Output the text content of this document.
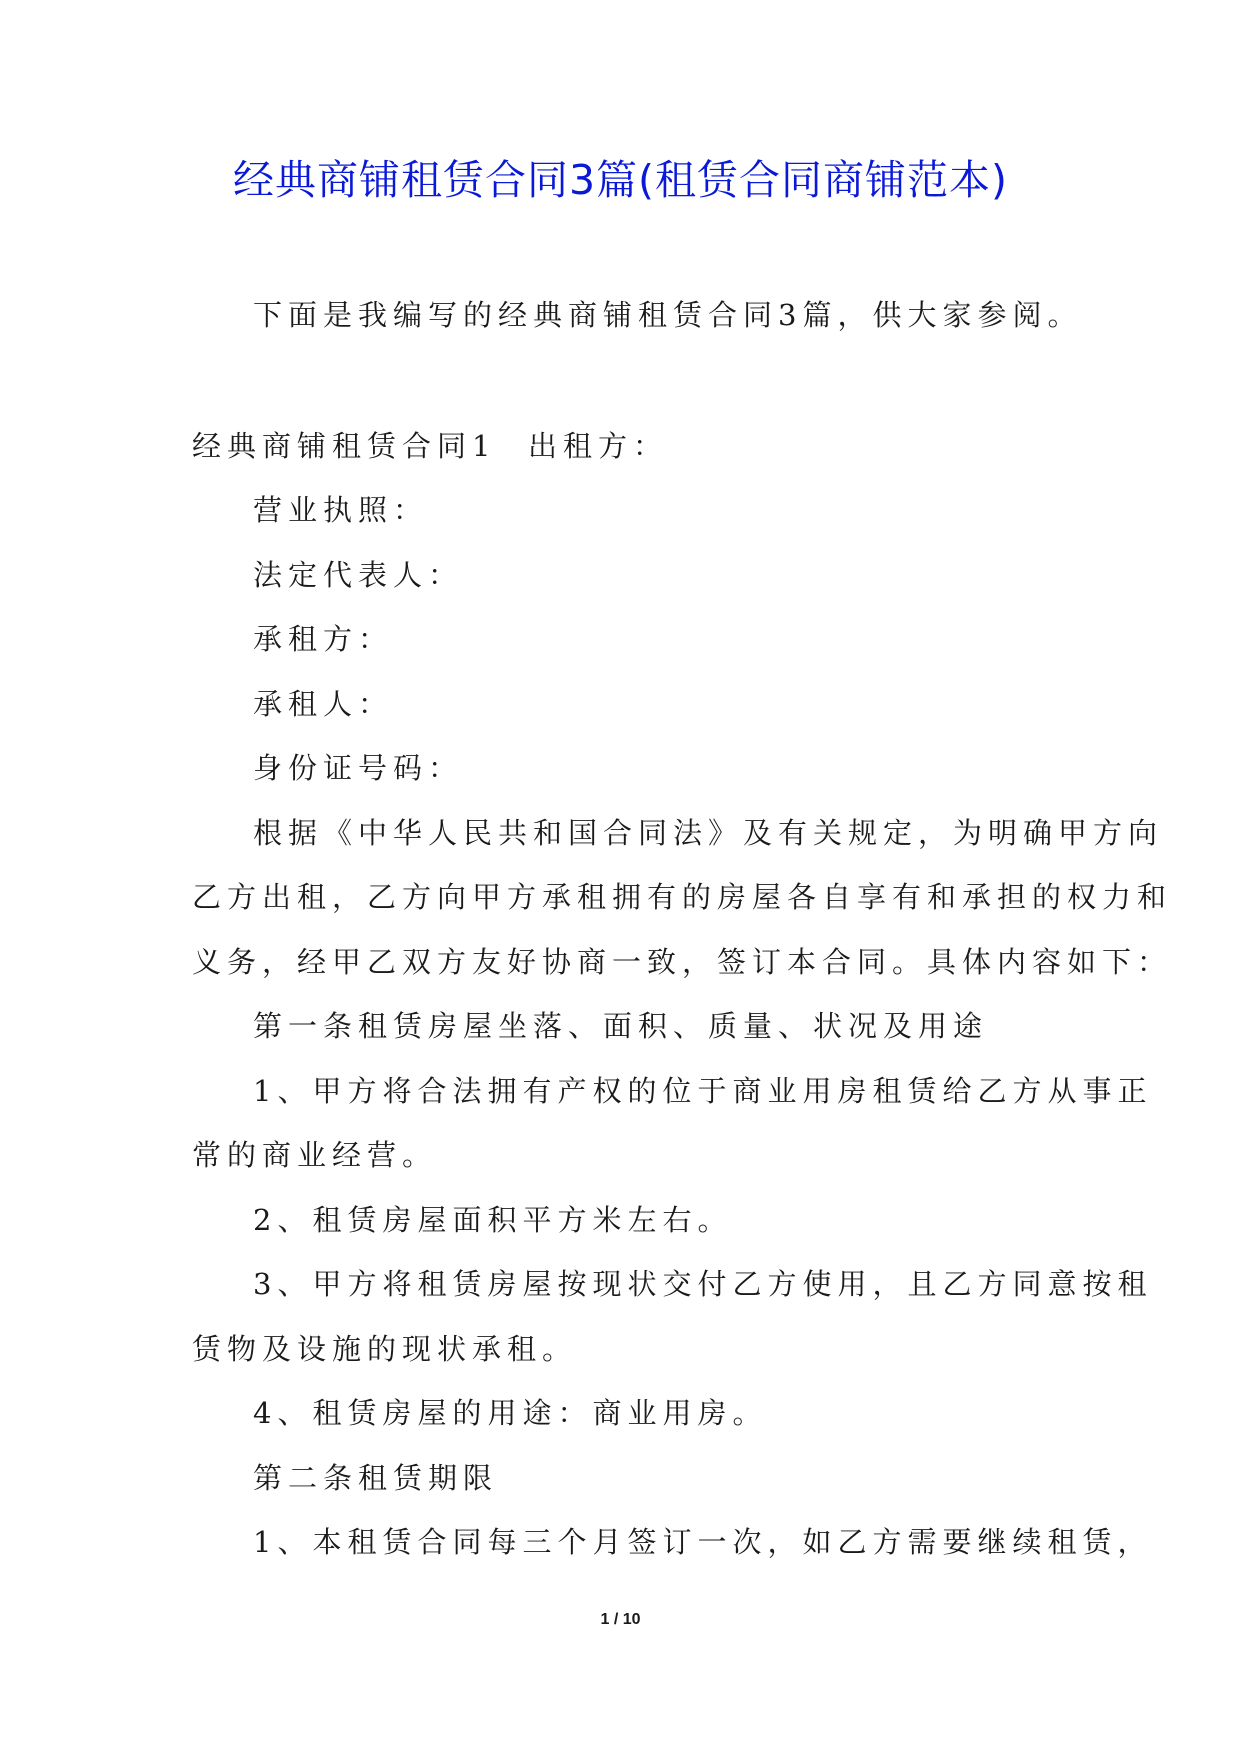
经典商铺租赁合同3篇(租赁合同商铺范本)
下面是我编写的经典商铺租赁合同3篇，供大家参阅。
经典商铺租赁合同1 出租方：
营业执照：
法定代表人：
承租方：
承租人：
身份证号码：
根据《中华人民共和国合同法》及有关规定，为明确甲方向
乙方出租，乙方向甲方承租拥有的房屋各自享有和承担的权力和
义务，经甲乙双方友好协商一致，签订本合同。具体内容如下：
第一条租赁房屋坐落、面积、质量、状况及用途
1、甲方将合法拥有产权的位于商业用房租赁给乙方从事正
常的商业经营。
2、租赁房屋面积平方米左右。
3、甲方将租赁房屋按现状交付乙方使用，且乙方同意按租
赁物及设施的现状承租。
4、租赁房屋的用途：商业用房。
第二条租赁期限
1、本租赁合同每三个月签订一次，如乙方需要继续租赁，
1 / 10
